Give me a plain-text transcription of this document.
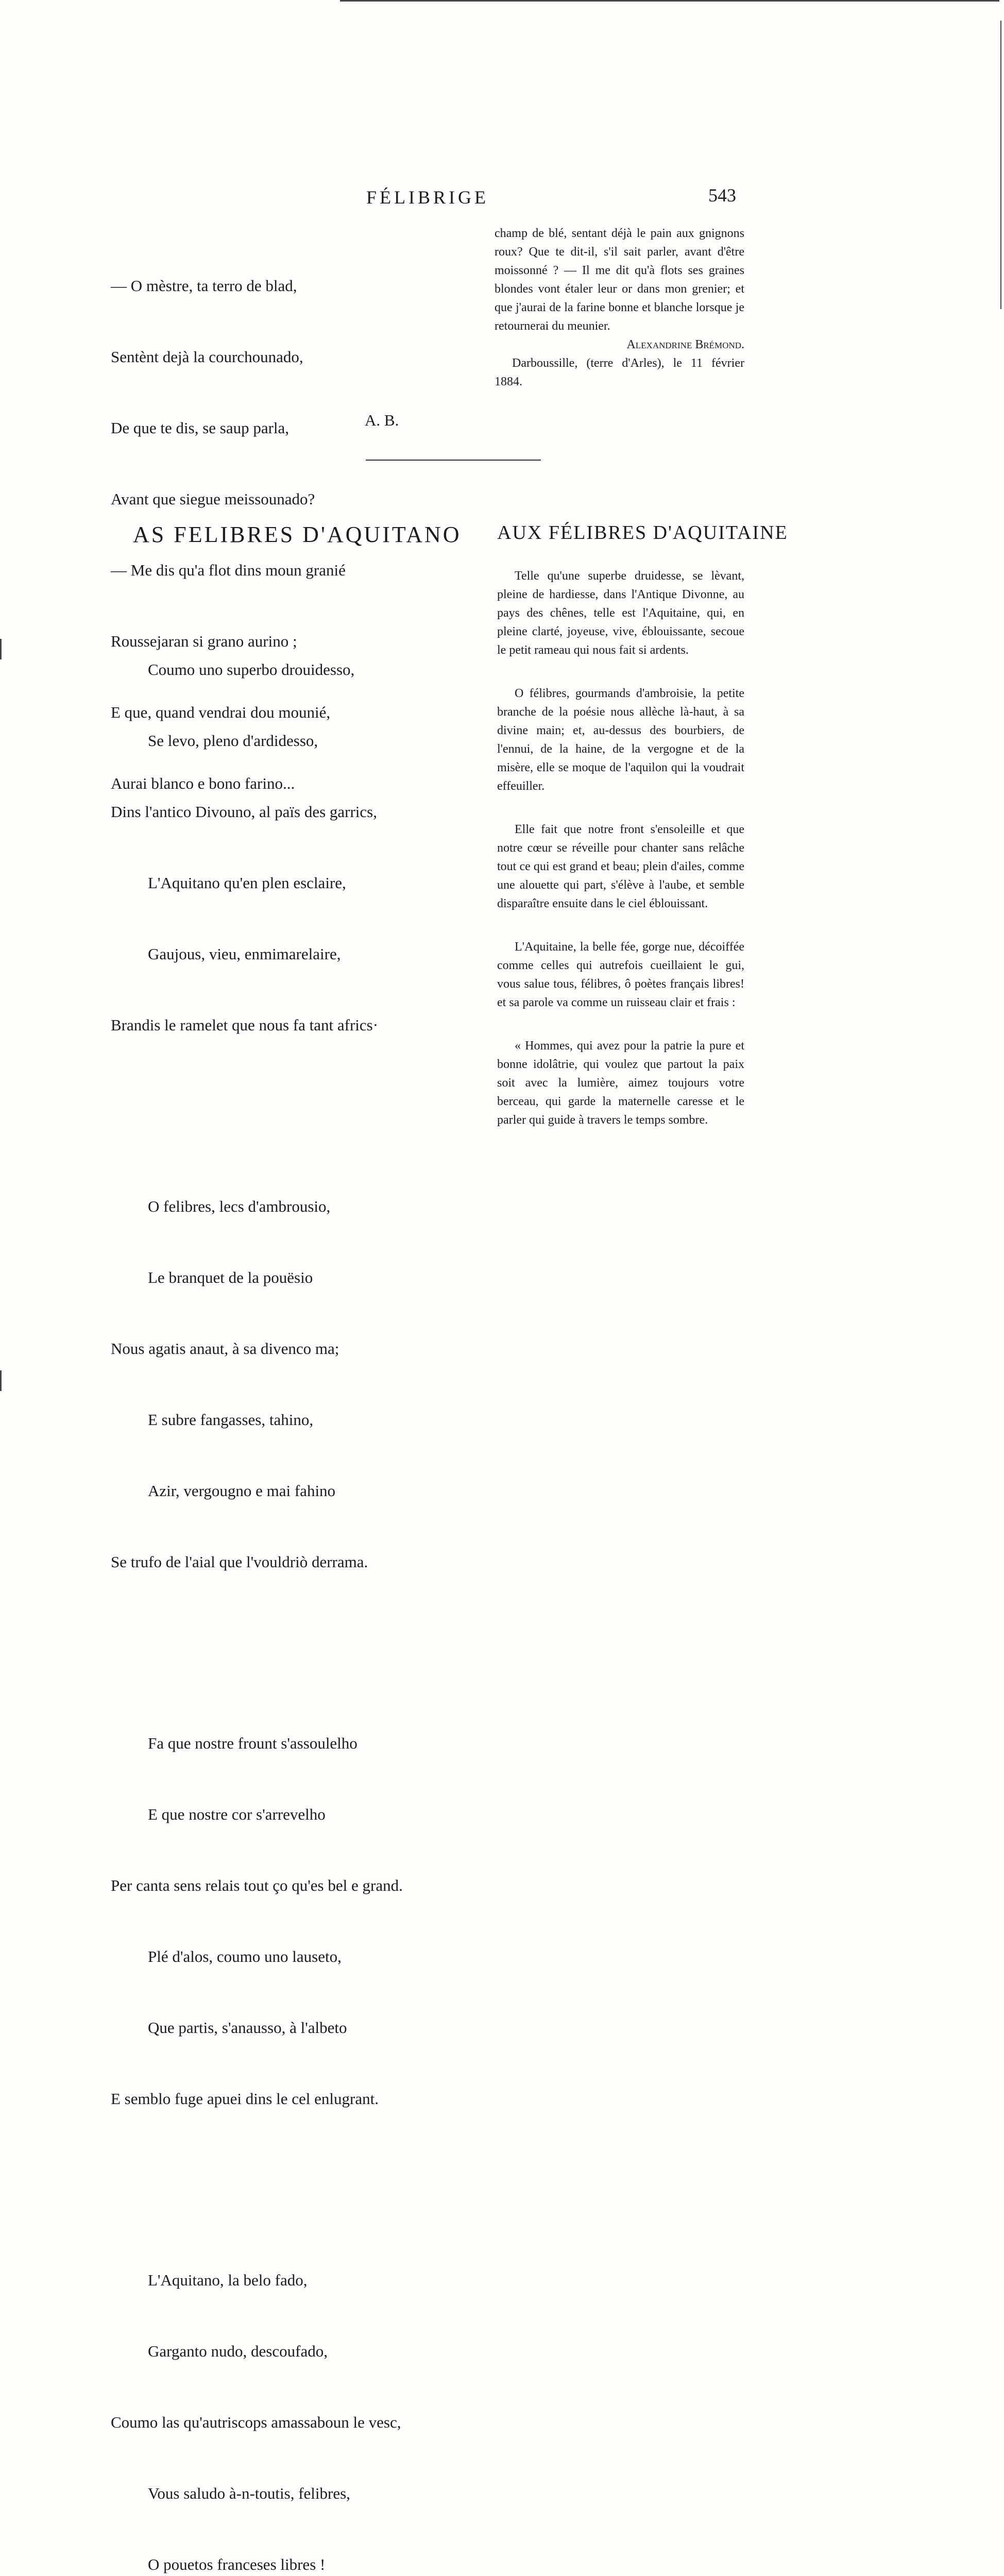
FÉLIBRIGE	543

— O mèstre, ta terro de blad,

Sentènt dejà la courchounado,

De que te dis, se saup parla,

Avant que siegue meissounado?

— Me dis qu'a flot dins moun granié

Roussejaran si grano aurino ;

E que, quand vendrai dou mounié,

Aurai blanco e bono farino...

A. B.

champ de blé, sentant déjà le pain aux gnignons roux? Que te dit-il, s'il sait parler, avant d'être moissonné ? — Il me dit qu'à flots ses graines blondes vont étaler leur or dans mon grenier; et que j'aurai de la farine bonne et blanche lorsque je retournerai du meunier.

Alexandrine Brémond.

Darboussille, (terre d'Arles), le 11 février 1884.

AS FELIBRES D'AQUITANO AUX FÉLIBRES D'AQUITAINE

Coumo uno superbo drouidesso,

Se levo, pleno d'ardidesso,

Dins l'antico Divouno, al païs des garrics,

L'Aquitano qu'en plen esclaire,

Gaujous, vieu, enmimarelaire,

Brandis le ramelet que nous fa tant africs·

O felibres, lecs d'ambrousio,

Le branquet de la pouësio

Nous agatis anaut, à sa divenco ma;

E subre fangasses, tahino,

Azir, vergougno e mai fahino

Se trufo de l'aial que l'vouldriò derrama.

Fa que nostre frount s'assoulelho

E que nostre cor s'arrevelho

Per canta sens relais tout ço qu'es bel e grand.

Plé d'alos, coumo uno lauseto,

Que partis, s'anausso, à l'albeto

E semblo fuge apuei dins le cel enlugrant.

L'Aquitano, la belo fado,

Garganto nudo, descoufado,

Coumo las qu'autriscops amassaboun le vesc,

Vous saludo à-n-toutis, felibres,

O pouetos franceses libres !

Telle qu'une superbe druidesse, se lèvant, pleine de hardiesse, dans l'Antique Divonne, au pays des chênes, telle est l'Aquitaine, qui, en pleine clarté, joyeuse, vive, éblouissante, secoue le petit rameau qui nous fait si ardents.

O félibres, gourmands d'ambroisie, la petite branche de la poésie nous allèche là-haut, à sa divine main; et, au-dessus des bourbiers, de l'ennui, de la haine, de la vergogne et de la misère, elle se moque de l'aquilon qui la voudrait effeuiller.

Elle fait que notre front s'ensoleille et que notre cœur se réveille pour chanter sans relâche tout ce qui est grand et beau; plein d'ailes, comme une alouette qui part, s'élève à l'aube, et semble disparaître ensuite dans le ciel éblouissant.

L'Aquitaine, la belle fée, gorge nue, décoiffée comme celles qui autrefois cueillaient le gui, vous salue tous, félibres, ô poètes français libres! et sa parole va comme un ruisseau clair et frais :

« Hommes, qui avez pour la patrie la pure et bonne idolâtrie, qui voulez que partout la paix soit avec la lumière, aimez toujours votre berceau, qui garde la maternelle caresse et le parler qui guide à travers le temps sombre.
